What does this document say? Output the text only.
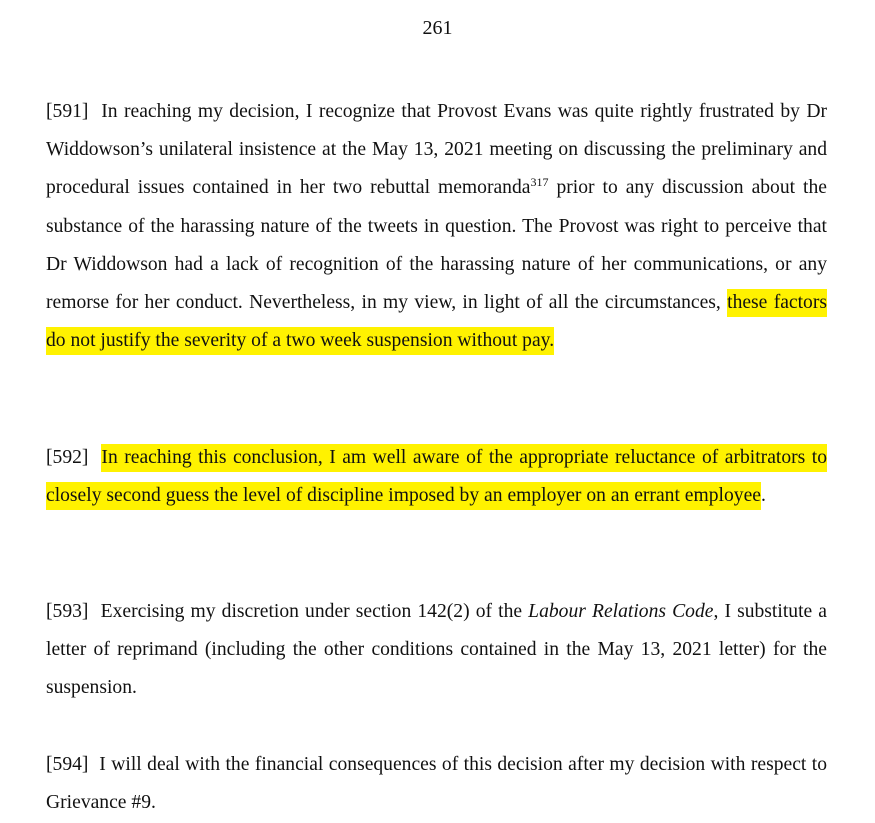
261

[591] In reaching my decision, I recognize that Provost Evans was quite rightly frustrated by Dr Widdowson’s unilateral insistence at the May 13, 2021 meeting on discussing the preliminary and procedural issues contained in her two rebuttal memoranda$^{317}$ prior to any discussion about the substance of the harassing nature of the tweets in question. The Provost was right to perceive that Dr Widdowson had a lack of recognition of the harassing nature of her communications, or any remorse for her conduct. Nevertheless, in my view, in light of all the circumstances, these factors do not justify the severity of a two week suspension without pay.

[592] In reaching this conclusion, I am well aware of the appropriate reluctance of arbitrators to closely second guess the level of discipline imposed by an employer on an errant employee.

[593] Exercising my discretion under section 142(2) of the Labour Relations Code, I substitute a letter of reprimand (including the other conditions contained in the May 13, 2021 letter) for the suspension.

[594] I will deal with the financial consequences of this decision after my decision with respect to Grievance #9.
